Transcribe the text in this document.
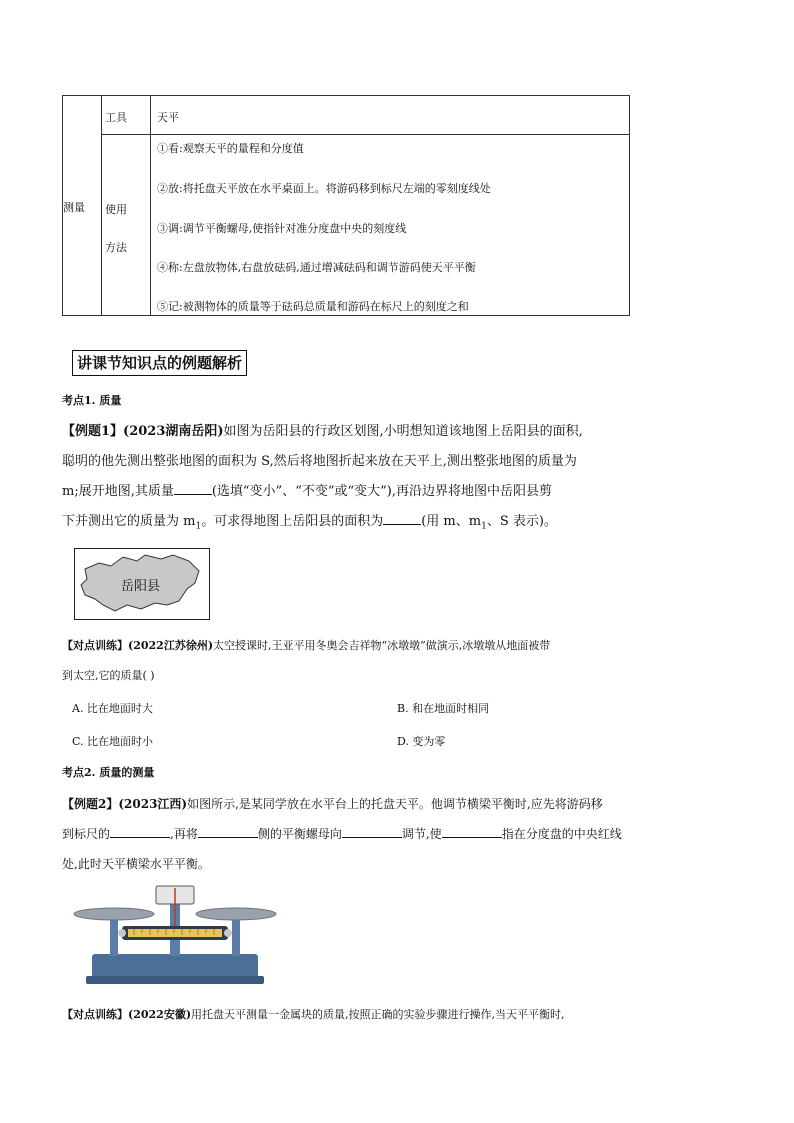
测量
工具	天平
使用
方法
①看:观察天平的量程和分度值
②放:将托盘天平放在水平桌面上。将游码移到标尺左端的零刻度线处
③调:调节平衡螺母,使指针对准分度盘中央的刻度线
④称:左盘放物体,右盘放砝码,通过增减砝码和调节游码使天平平衡
⑤记:被测物体的质量等于砝码总质量和游码在标尺上的刻度之和
讲课节知识点的例题解析
考点1. 质量
【例题1】(2023湖南岳阳)如图为岳阳县的行政区划图,小明想知道该地图上岳阳县的面积,
聪明的他先测出整张地图的面积为 S,然后将地图折起来放在天平上,测出整张地图的质量为
m;展开地图,其质量	(选填“变小”、“不变”或“变大”),再沿边界将地图中岳阳县剪
下并测出它的质量为 $m_1$。可求得地图上岳阳县的面积为	(用 m、$m_1$、S 表示)。
岳阳县
【对点训练】(2022江苏徐州)太空授课时,王亚平用冬奥会吉祥物“冰墩墩”做演示,冰墩墩从地面被带
到太空,它的质量( )
A. 比在地面时大	B. 和在地面时相同
C. 比在地面时小	D. 变为零
考点2. 质量的测量
【例题2】(2023江西)如图所示,是某同学放在水平台上的托盘天平。他调节横梁平衡时,应先将游码移
到标尺的	,再将	侧的平衡螺母向	调节,使	指在分度盘的中央红线
处,此时天平横梁水平平衡。
【对点训练】(2022安徽)用托盘天平测量一金属块的质量,按照正确的实验步骤进行操作,当天平平衡时,
